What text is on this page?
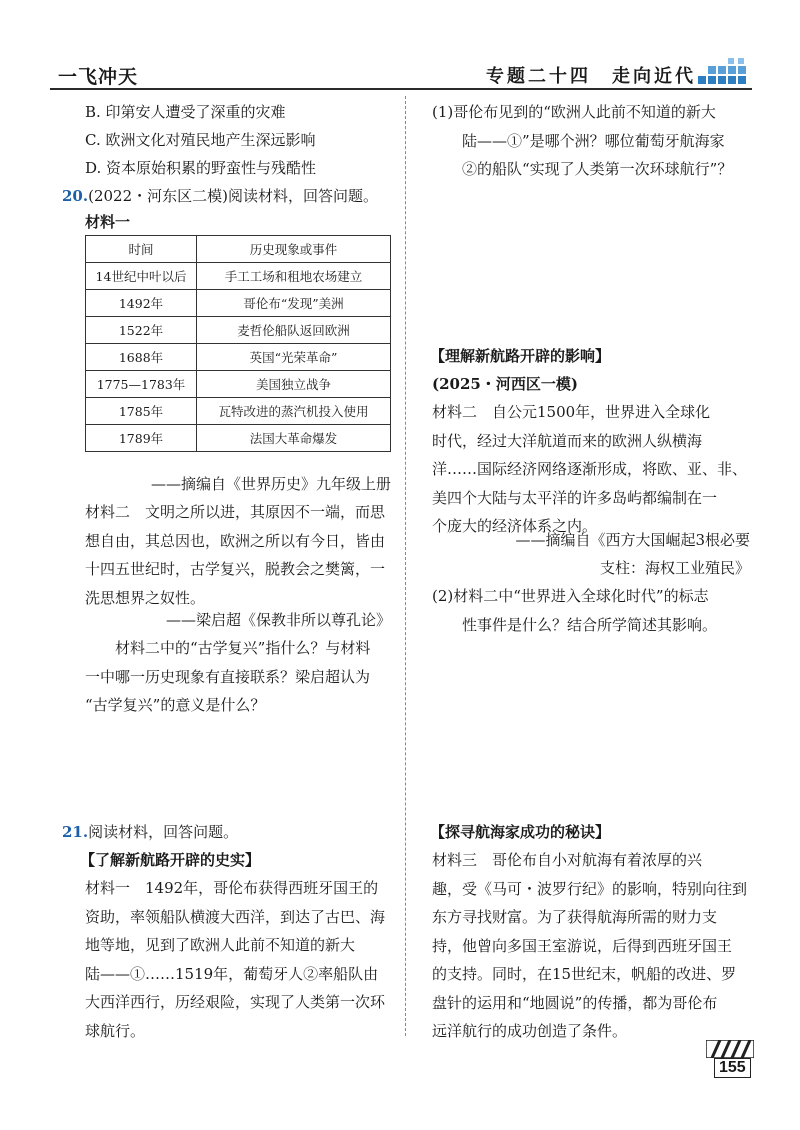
一飞冲天	专题二十四　走向近代
B. 印第安人遭受了深重的灾难
C. 欧洲文化对殖民地产生深远影响
D. 资本原始积累的野蛮性与残酷性
20.(2022・河东区二模)阅读材料，回答问题。
材料一
时间	历史现象或事件
14世纪中叶以后	手工工场和租地农场建立
1492年	哥伦布“发现”美洲
1522年	麦哲伦船队返回欧洲
1688年	英国“光荣革命”
1775—1783年	美国独立战争
1785年	瓦特改进的蒸汽机投入使用
1789年	法国大革命爆发
——摘编自《世界历史》九年级上册
材料二　文明之所以进，其原因不一端，而思
想自由，其总因也，欧洲之所以有今日，皆由
十四五世纪时，古学复兴，脱教会之樊篱，一
洗思想界之奴性。
——梁启超《保教非所以尊孔论》
材料二中的“古学复兴”指什么？与材料
一中哪一历史现象有直接联系？梁启超认为
“古学复兴”的意义是什么？
21.阅读材料，回答问题。
【了解新航路开辟的史实】
材料一　1492年，哥伦布获得西班牙国王的
资助，率领船队横渡大西洋，到达了古巴、海
地等地，见到了欧洲人此前不知道的新大
陆——①……1519年，葡萄牙人②率船队由
大西洋西行，历经艰险，实现了人类第一次环
球航行。
(1)哥伦布见到的“欧洲人此前不知道的新大
陆——①”是哪个洲？哪位葡萄牙航海家
②的船队“实现了人类第一次环球航行”？
【理解新航路开辟的影响】
(2025・河西区一模)
材料二　自公元1500年，世界进入全球化
时代，经过大洋航道而来的欧洲人纵横海
洋……国际经济网络逐渐形成，将欧、亚、非、
美四个大陆与太平洋的许多岛屿都编制在一
个庞大的经济体系之内。
——摘编自《西方大国崛起3根必要
支柱：海权工业殖民》
(2)材料二中“世界进入全球化时代”的标志
性事件是什么？结合所学简述其影响。
【探寻航海家成功的秘诀】
材料三　哥伦布自小对航海有着浓厚的兴
趣，受《马可・波罗行纪》的影响，特别向往到
东方寻找财富。为了获得航海所需的财力支
持，他曾向多国王室游说，后得到西班牙国王
的支持。同时，在15世纪末，帆船的改进、罗
盘针的运用和“地圆说”的传播，都为哥伦布
远洋航行的成功创造了条件。
155
